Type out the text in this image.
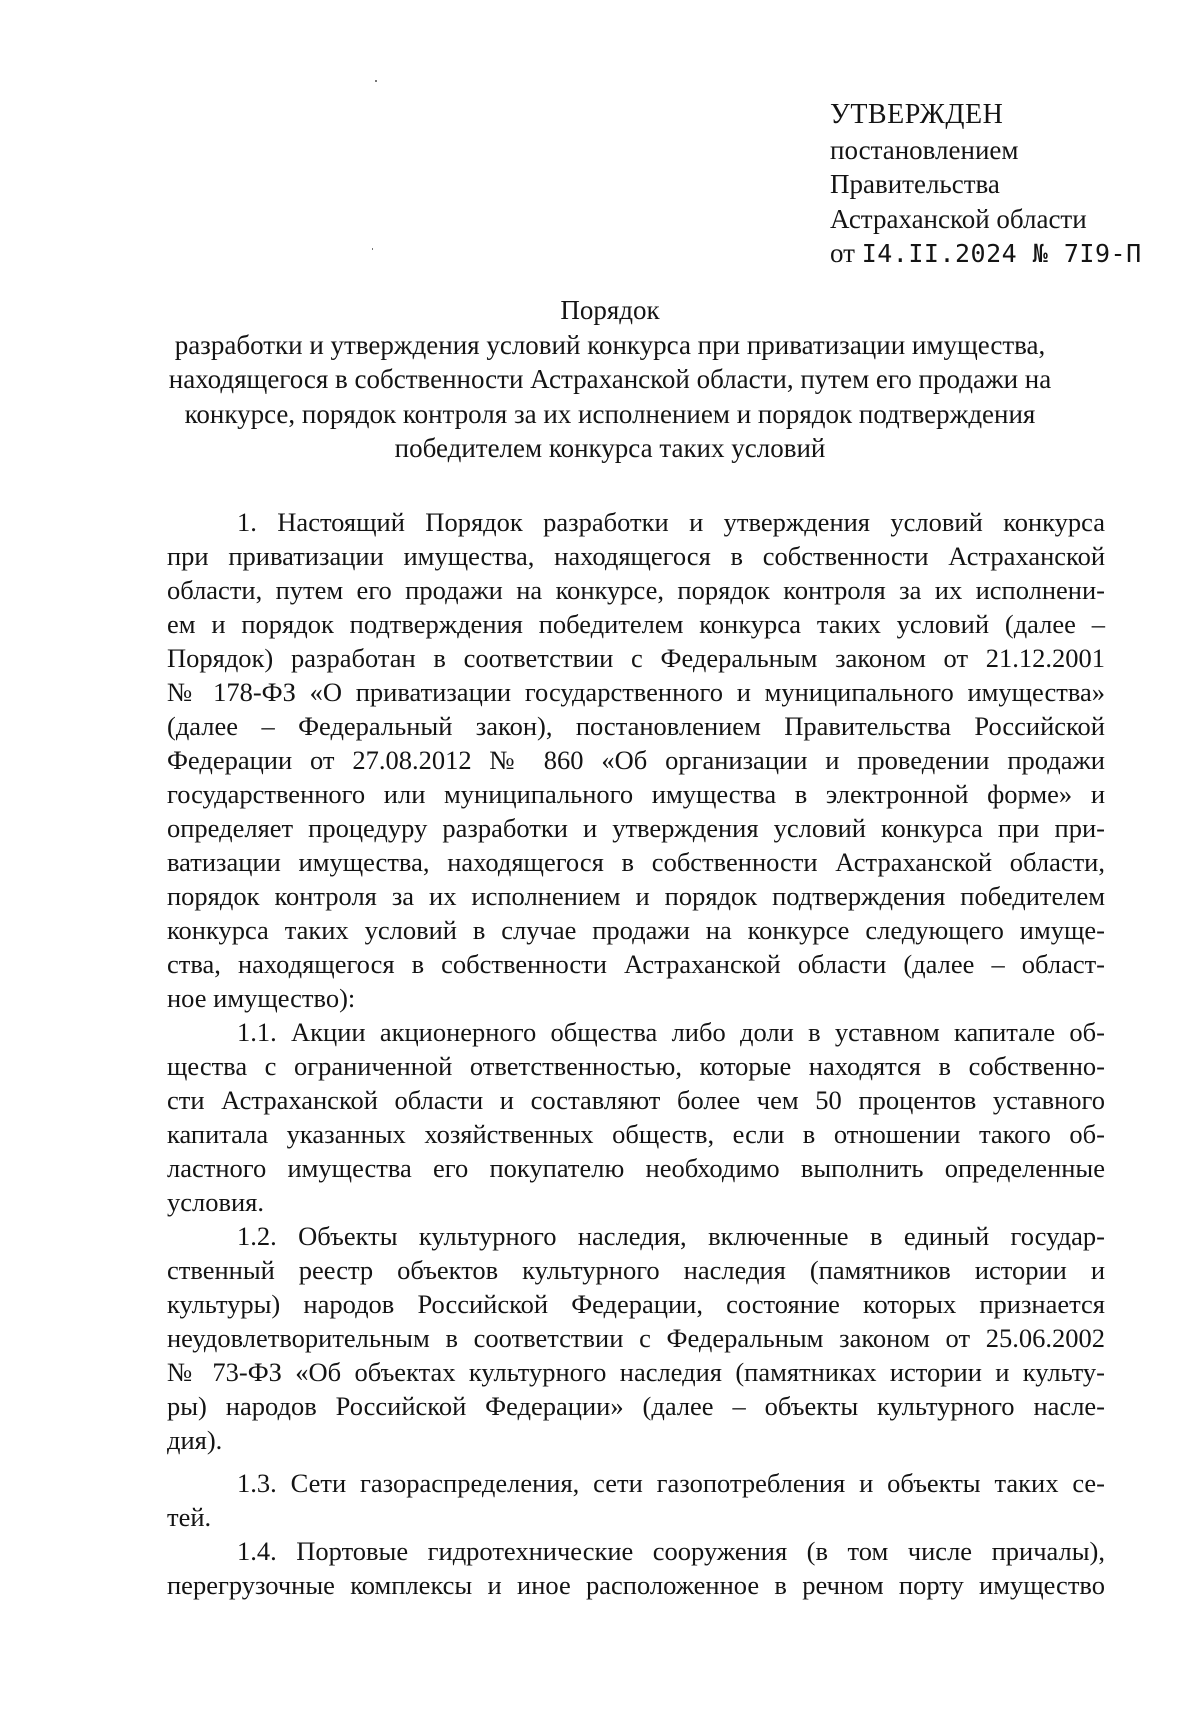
УТВЕРЖДЕН
постановлением
Правительства
Астраханской области
от I4.II.2024 № 7I9-П
Порядок
разработки и утверждения условий конкурса при приватизации имущества,
находящегося в собственности Астраханской области, путем его продажи на
конкурсе, порядок контроля за их исполнением и порядок подтверждения
победителем конкурса таких условий
1. Настоящий Порядок разработки и утверждения условий конкурса
при приватизации имущества, находящегося в собственности Астраханской
области, путем его продажи на конкурсе, порядок контроля за их исполнени-
ем и порядок подтверждения победителем конкурса таких условий (далее –
Порядок) разработан в соответствии с Федеральным законом от 21.12.2001
№ 178-ФЗ «О приватизации государственного и муниципального имущества»
(далее – Федеральный закон), постановлением Правительства Российской
Федерации от 27.08.2012 № 860 «Об организации и проведении продажи
государственного или муниципального имущества в электронной форме» и
определяет процедуру разработки и утверждения условий конкурса при при-
ватизации имущества, находящегося в собственности Астраханской области,
порядок контроля за их исполнением и порядок подтверждения победителем
конкурса таких условий в случае продажи на конкурсе следующего имуще-
ства, находящегося в собственности Астраханской области (далее – област-
ное имущество):
1.1. Акции акционерного общества либо доли в уставном капитале об-
щества с ограниченной ответственностью, которые находятся в собственно-
сти Астраханской области и составляют более чем 50 процентов уставного
капитала указанных хозяйственных обществ, если в отношении такого об-
ластного имущества его покупателю необходимо выполнить определенные
условия.
1.2. Объекты культурного наследия, включенные в единый государ-
ственный реестр объектов культурного наследия (памятников истории и
культуры) народов Российской Федерации, состояние которых признается
неудовлетворительным в соответствии с Федеральным законом от 25.06.2002
№ 73-ФЗ «Об объектах культурного наследия (памятниках истории и культу-
ры) народов Российской Федерации» (далее – объекты культурного насле-
дия).
1.3. Сети газораспределения, сети газопотребления и объекты таких се-
тей.
1.4. Портовые гидротехнические сооружения (в том числе причалы),
перегрузочные комплексы и иное расположенное в речном порту имущество
